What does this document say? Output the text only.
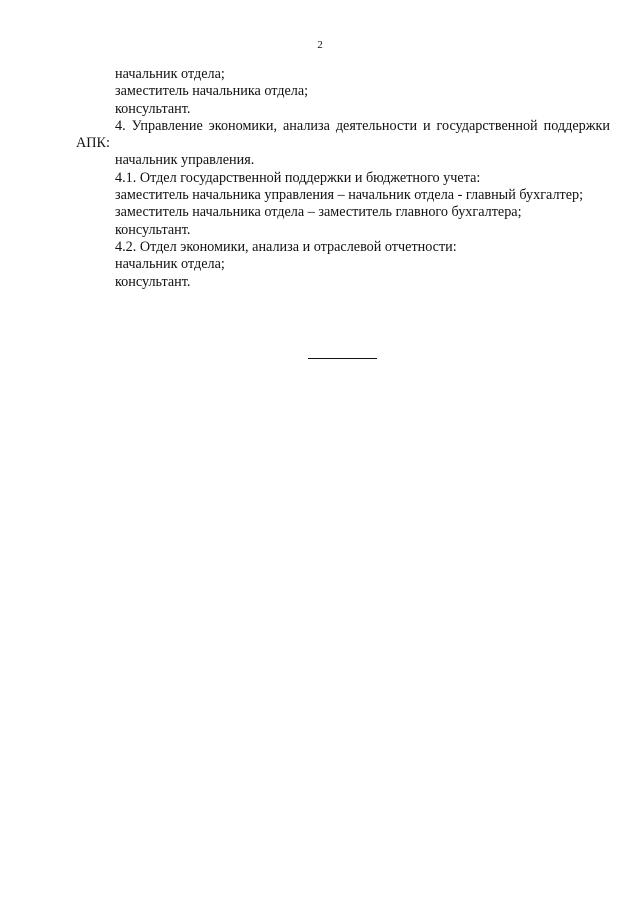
2

начальник отдела;

заместитель начальника отдела;

консультант.

4. Управление экономики, анализа деятельности и государственной поддержки АПК:

начальник управления.

4.1. Отдел государственной поддержки и бюджетного учета:

заместитель начальника управления – начальник отдела - главный бухгалтер;

заместитель начальника отдела – заместитель главного бухгалтера;

консультант.

4.2. Отдел экономики, анализа и отраслевой отчетности:

начальник отдела;

консультант.
